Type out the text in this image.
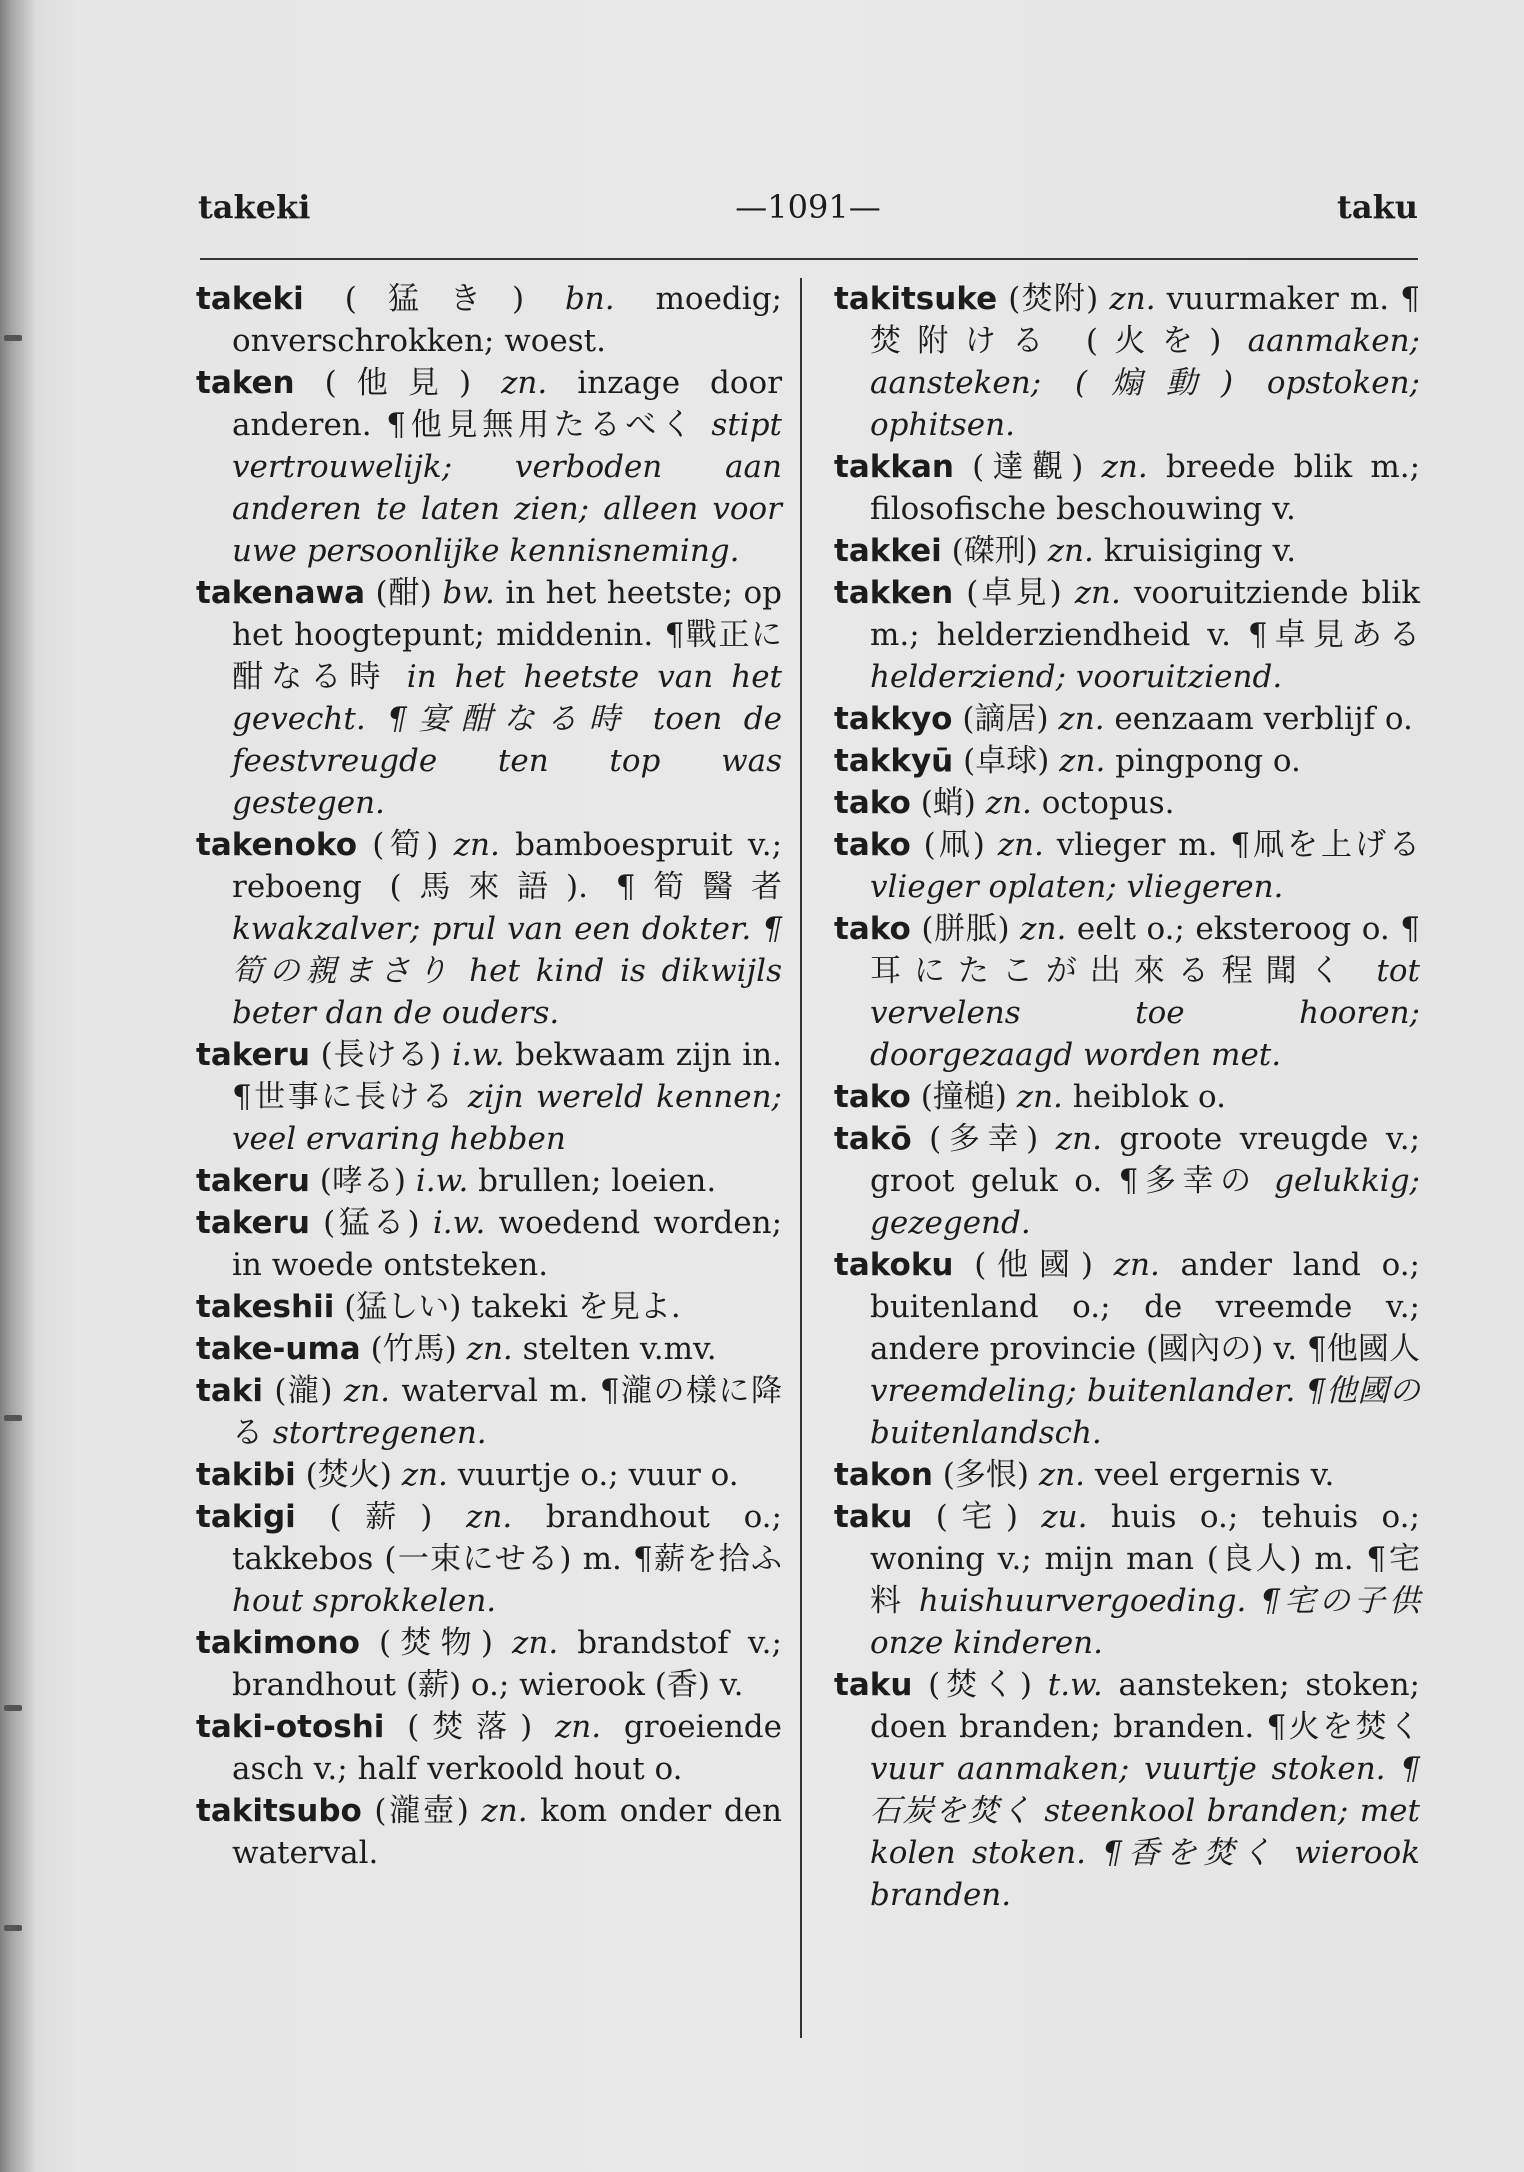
takeki	—1091—	taku

takeki (猛き) bn. moedig; onverschrokken; woest.

taken (他見) zn. inzage door anderen. ¶他見無用たるべく stipt vertrouwelijk; verboden aan anderen te laten zien; alleen voor uwe persoonlijke kennisneming.

takenawa (酣) bw. in het heetste; op het hoogtepunt; middenin. ¶戰正に酣なる時 in het heetste van het gevecht. ¶宴酣なる時 toen de feestvreugde ten top was gestegen.

takenoko (筍) zn. bamboespruit v.; reboeng (馬來語). ¶筍醫者 kwakzalver; prul van een dokter. ¶筍の親まさり het kind is dikwijls beter dan de ouders.

takeru (長ける) i.w. bekwaam zijn in. ¶世事に長ける zijn wereld kennen; veel ervaring hebben

takeru (哮る) i.w. brullen; loeien.

takeru (猛る) i.w. woedend worden; in woede ontsteken.

takeshii (猛しい) takeki を見よ.

take-uma (竹馬) zn. stelten v.mv.

taki (瀧) zn. waterval m. ¶瀧の樣に降る stortregenen.

takibi (焚火) zn. vuurtje o.; vuur o.

takigi (薪) zn. brandhout o.; takkebos (一束にせる) m. ¶薪を拾ふ hout sprokkelen.

takimono (焚物) zn. brandstof v.; brandhout (薪) o.; wierook (香) v.

taki-otoshi (焚落) zn. groeiende asch v.; half verkoold hout o.

takitsubo (瀧壺) zn. kom onder den waterval.

takitsuke (焚附) zn. vuurmaker m. ¶焚附ける (火を) aanmaken; aansteken; (煽動) opstoken; ophitsen.

takkan (達觀) zn. breede blik m.; filosofische beschouwing v.

takkei (磔刑) zn. kruisiging v.

takken (卓見) zn. vooruitziende blik m.; helderziendheid v. ¶卓見ある helderziend; vooruitziend.

takkyo (謫居) zn. eenzaam verblijf o.

takkyū (卓球) zn. pingpong o.

tako (蛸) zn. octopus.

tako (凧) zn. vlieger m. ¶凧を上げる vlieger oplaten; vliegeren.

tako (胼胝) zn. eelt o.; eksteroog o. ¶耳にたこが出來る程聞く tot vervelens toe hooren; doorgezaagd worden met.

tako (撞槌) zn. heiblok o.

takō (多幸) zn. groote vreugde v.; groot geluk o. ¶多幸の gelukkig; gezegend.

takoku (他國) zn. ander land o.; buitenland o.; de vreemde v.; andere provincie (國內の) v. ¶他國人 vreemdeling; buitenlander. ¶他國の buitenlandsch.

takon (多恨) zn. veel ergernis v.

taku (宅) zu. huis o.; tehuis o.; woning v.; mijn man (良人) m. ¶宅料 huishuurvergoeding. ¶宅の子供 onze kinderen.

taku (焚く) t.w. aansteken; stoken; doen branden; branden. ¶火を焚く vuur aanmaken; vuurtje stoken. ¶石炭を焚く steenkool branden; met kolen stoken. ¶香を焚く wierook branden.
